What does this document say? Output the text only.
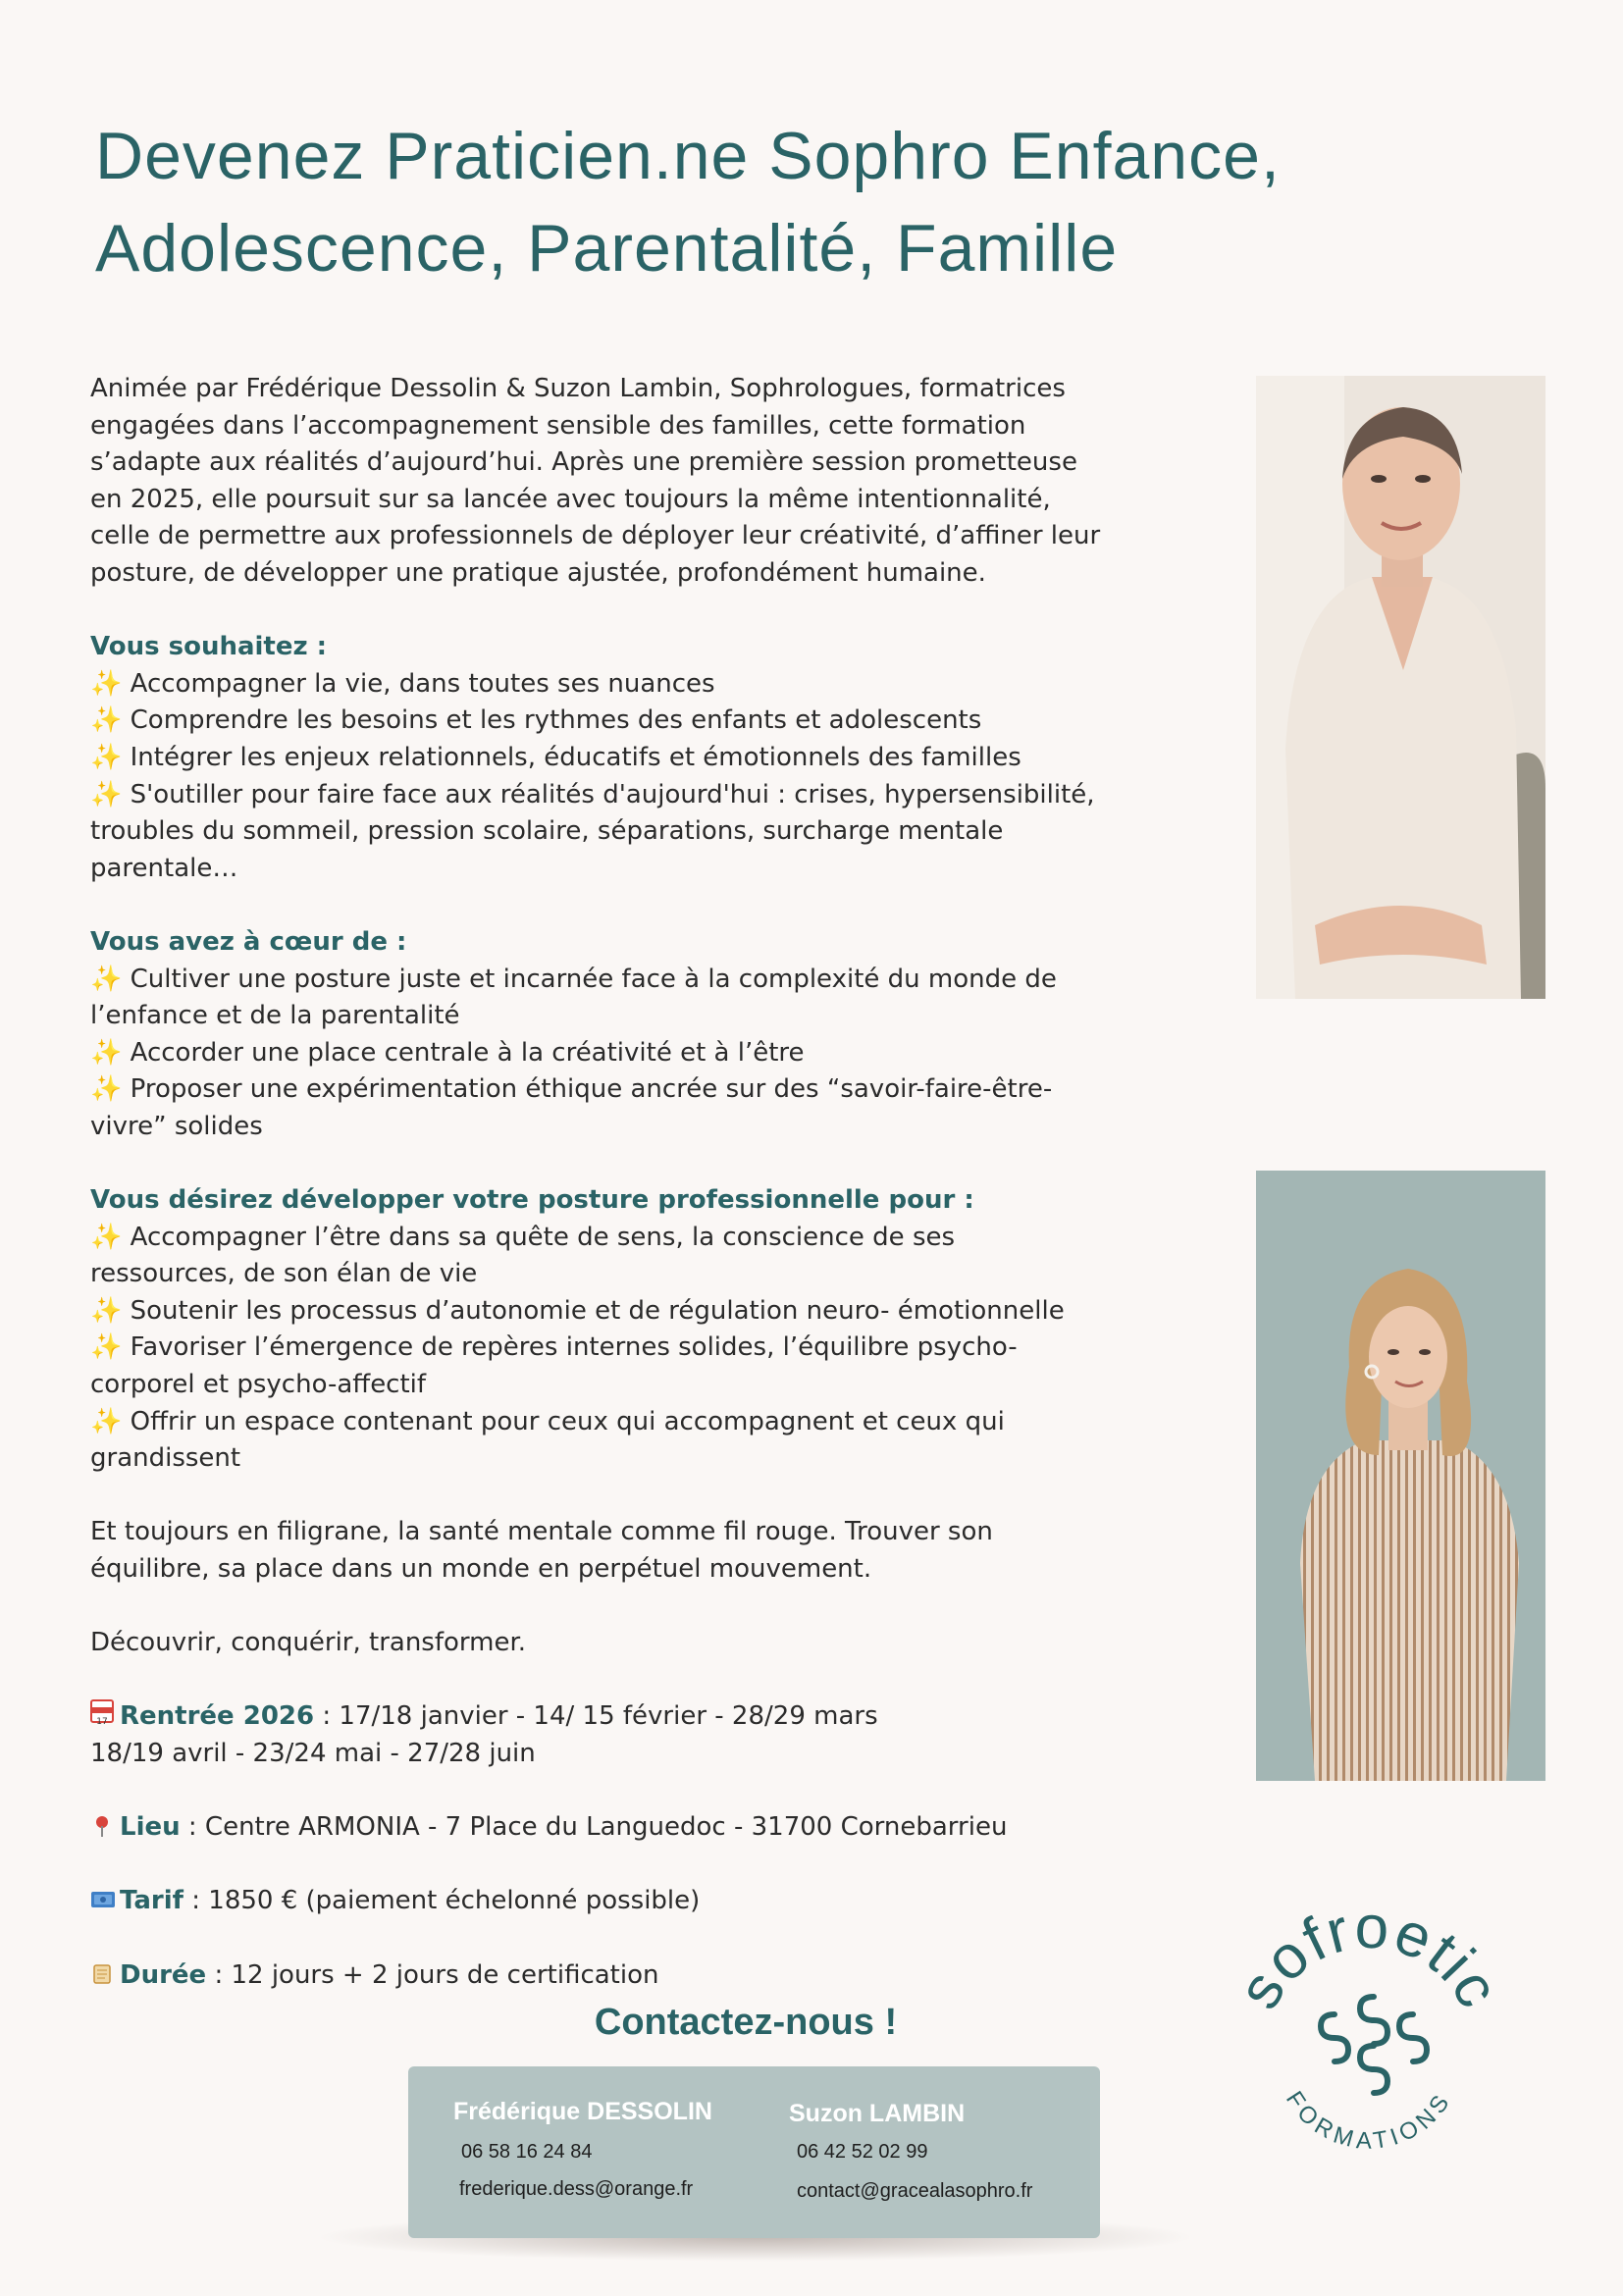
Devenez Praticien.ne Sophro Enfance,
Adolescence, Parentalité, Famille

Animée par Frédérique Dessolin & Suzon Lambin, Sophrologues, formatrices

engagées dans l’accompagnement sensible des familles, cette formation

s’adapte aux réalités d’aujourd’hui. Après une première session prometteuse

en 2025, elle poursuit sur sa lancée avec toujours la même intentionnalité,

celle de permettre aux professionnels de déployer leur créativité, d’affiner leur

posture, de développer une pratique ajustée, profondément humaine.

Vous souhaitez :

✨ Accompagner la vie, dans toutes ses nuances

✨ Comprendre les besoins et les rythmes des enfants et adolescents

✨ Intégrer les enjeux relationnels, éducatifs et émotionnels des familles

✨ S'outiller pour faire face aux réalités d'aujourd'hui : crises, hypersensibilité,

troubles du sommeil, pression scolaire, séparations, surcharge mentale

parentale…

Vous avez à cœur de :

✨ Cultiver une posture juste et incarnée face à la complexité du monde de

l’enfance et de la parentalité

✨ Accorder une place centrale à la créativité et à l’être

✨ Proposer une expérimentation éthique ancrée sur des “savoir-faire-être-

vivre” solides

Vous désirez développer votre posture professionnelle pour :

✨ Accompagner l’être dans sa quête de sens, la conscience de ses

ressources, de son élan de vie

✨ Soutenir les processus d’autonomie et de régulation neuro- émotionnelle

✨ Favoriser l’émergence de repères internes solides, l’équilibre psycho-

corporel et psycho-affectif

✨ Offrir un espace contenant pour ceux qui accompagnent et ceux qui

grandissent

Et toujours en filigrane, la santé mentale comme fil rouge. Trouver son

équilibre, sa place dans un monde en perpétuel mouvement.

Découvrir, conquérir, transformer.

17 Rentrée 2026 : 17/18 janvier - 14/ 15 février - 28/29 mars

18/19 avril - 23/24 mai - 27/28 juin

Lieu : Centre ARMONIA - 7 Place du Languedoc - 31700 Cornebarrieu

Tarif : 1850 € (paiement échelonné possible)

Durée : 12 jours + 2 jours de certification

Contactez-nous !
Frédérique DESSOLIN
06 58 16 24 84
frederique.dess@orange.fr
Suzon LAMBIN
06 42 52 02 99
contact@gracealasophro.fr
sofroetic
FORMATIONS
